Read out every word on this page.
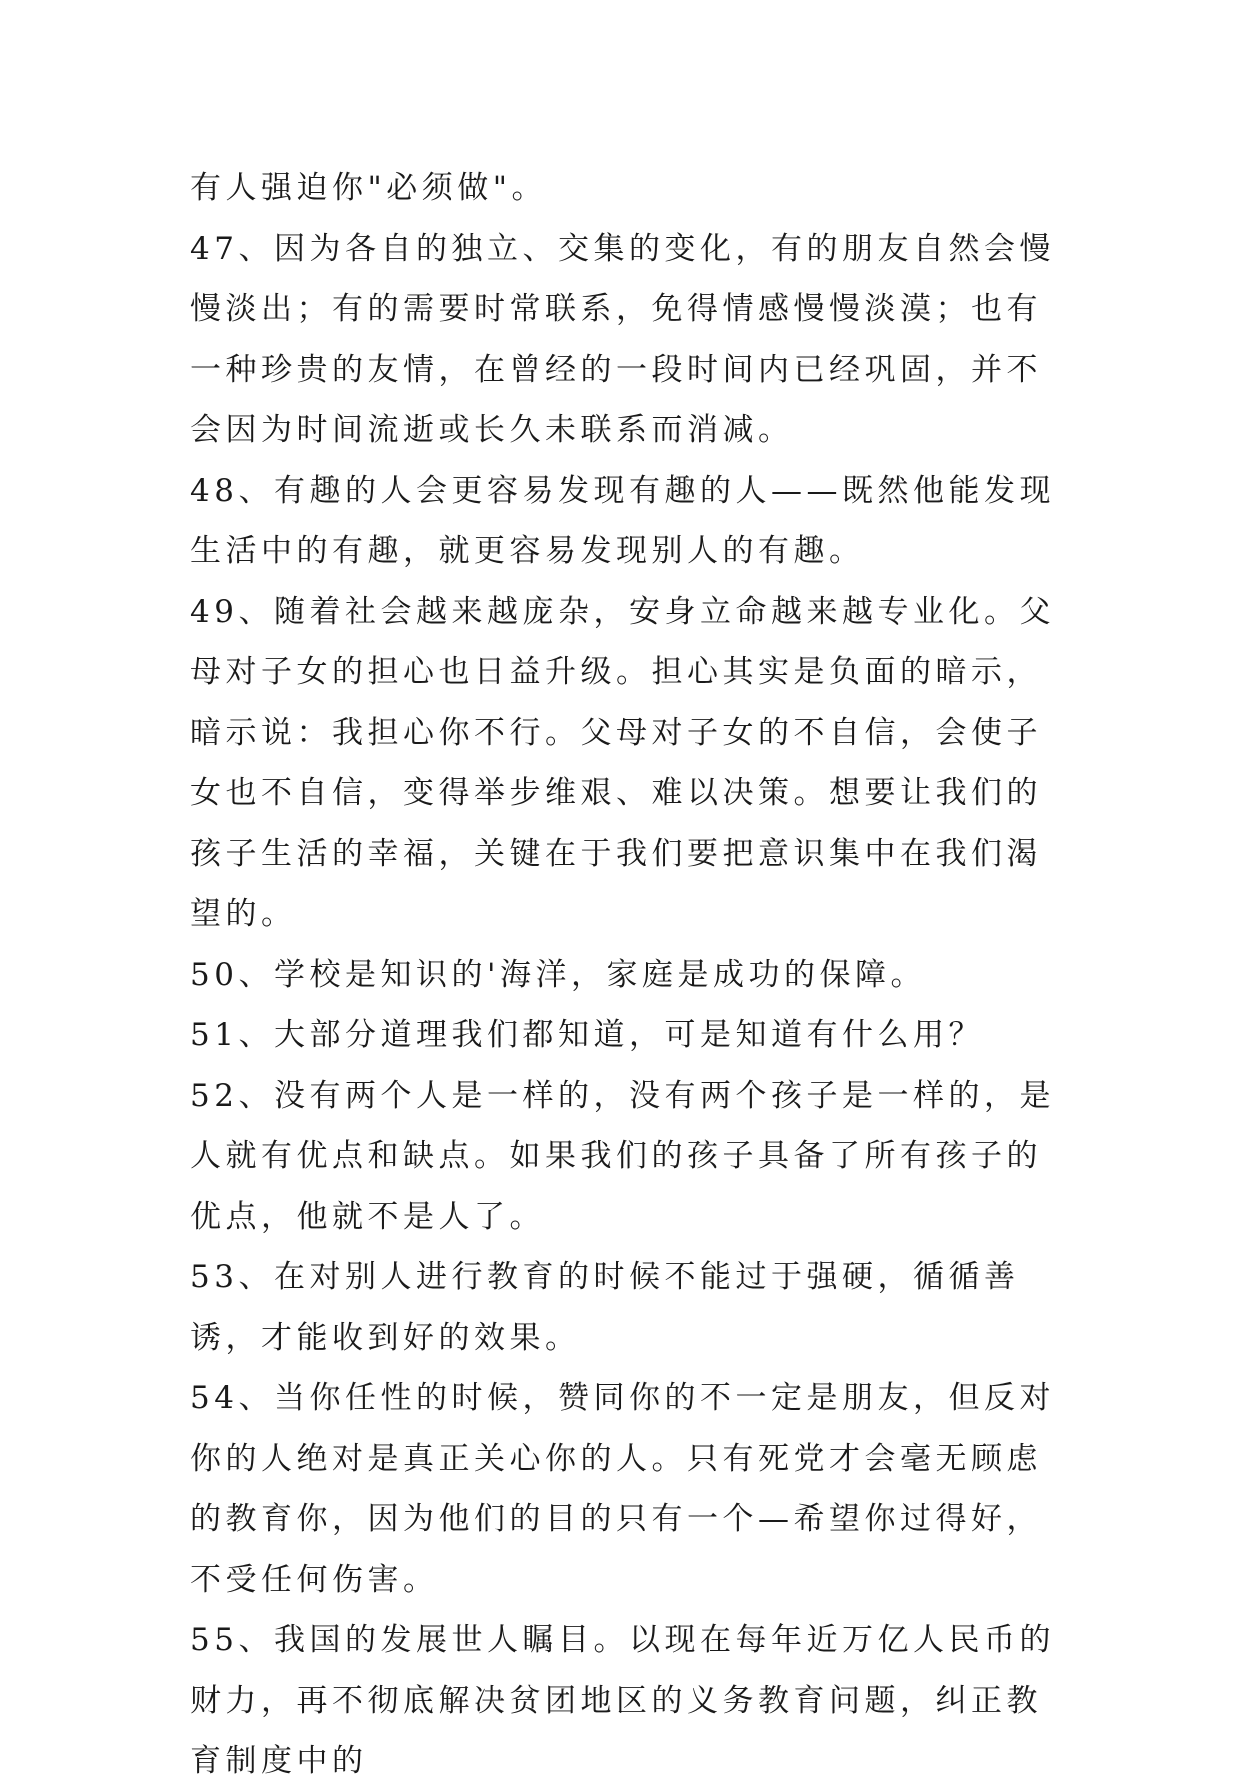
有人强迫你"必须做"。

47、因为各自的独立、交集的变化，有的朋友自然会慢慢淡出；有的需要时常联系，免得情感慢慢淡漠；也有一种珍贵的友情，在曾经的一段时间内已经巩固，并不会因为时间流逝或长久未联系而消减。

48、有趣的人会更容易发现有趣的人——既然他能发现生活中的有趣，就更容易发现别人的有趣。

49、随着社会越来越庞杂，安身立命越来越专业化。父母对子女的担心也日益升级。担心其实是负面的暗示，暗示说：我担心你不行。父母对子女的不自信，会使子女也不自信，变得举步维艰、难以决策。想要让我们的孩子生活的幸福，关键在于我们要把意识集中在我们渴望的。

50、学校是知识的'海洋，家庭是成功的保障。

51、大部分道理我们都知道，可是知道有什么用？

52、没有两个人是一样的，没有两个孩子是一样的，是人就有优点和缺点。如果我们的孩子具备了所有孩子的优点，他就不是人了。

53、在对别人进行教育的时候不能过于强硬，循循善诱，才能收到好的效果。

54、当你任性的时候，赞同你的不一定是朋友，但反对你的人绝对是真正关心你的人。只有死党才会毫无顾虑的教育你，因为他们的目的只有一个—希望你过得好，不受任何伤害。

55、我国的发展世人瞩目。以现在每年近万亿人民币的财力，再不彻底解决贫团地区的义务教育问题，纠正教育制度中的
